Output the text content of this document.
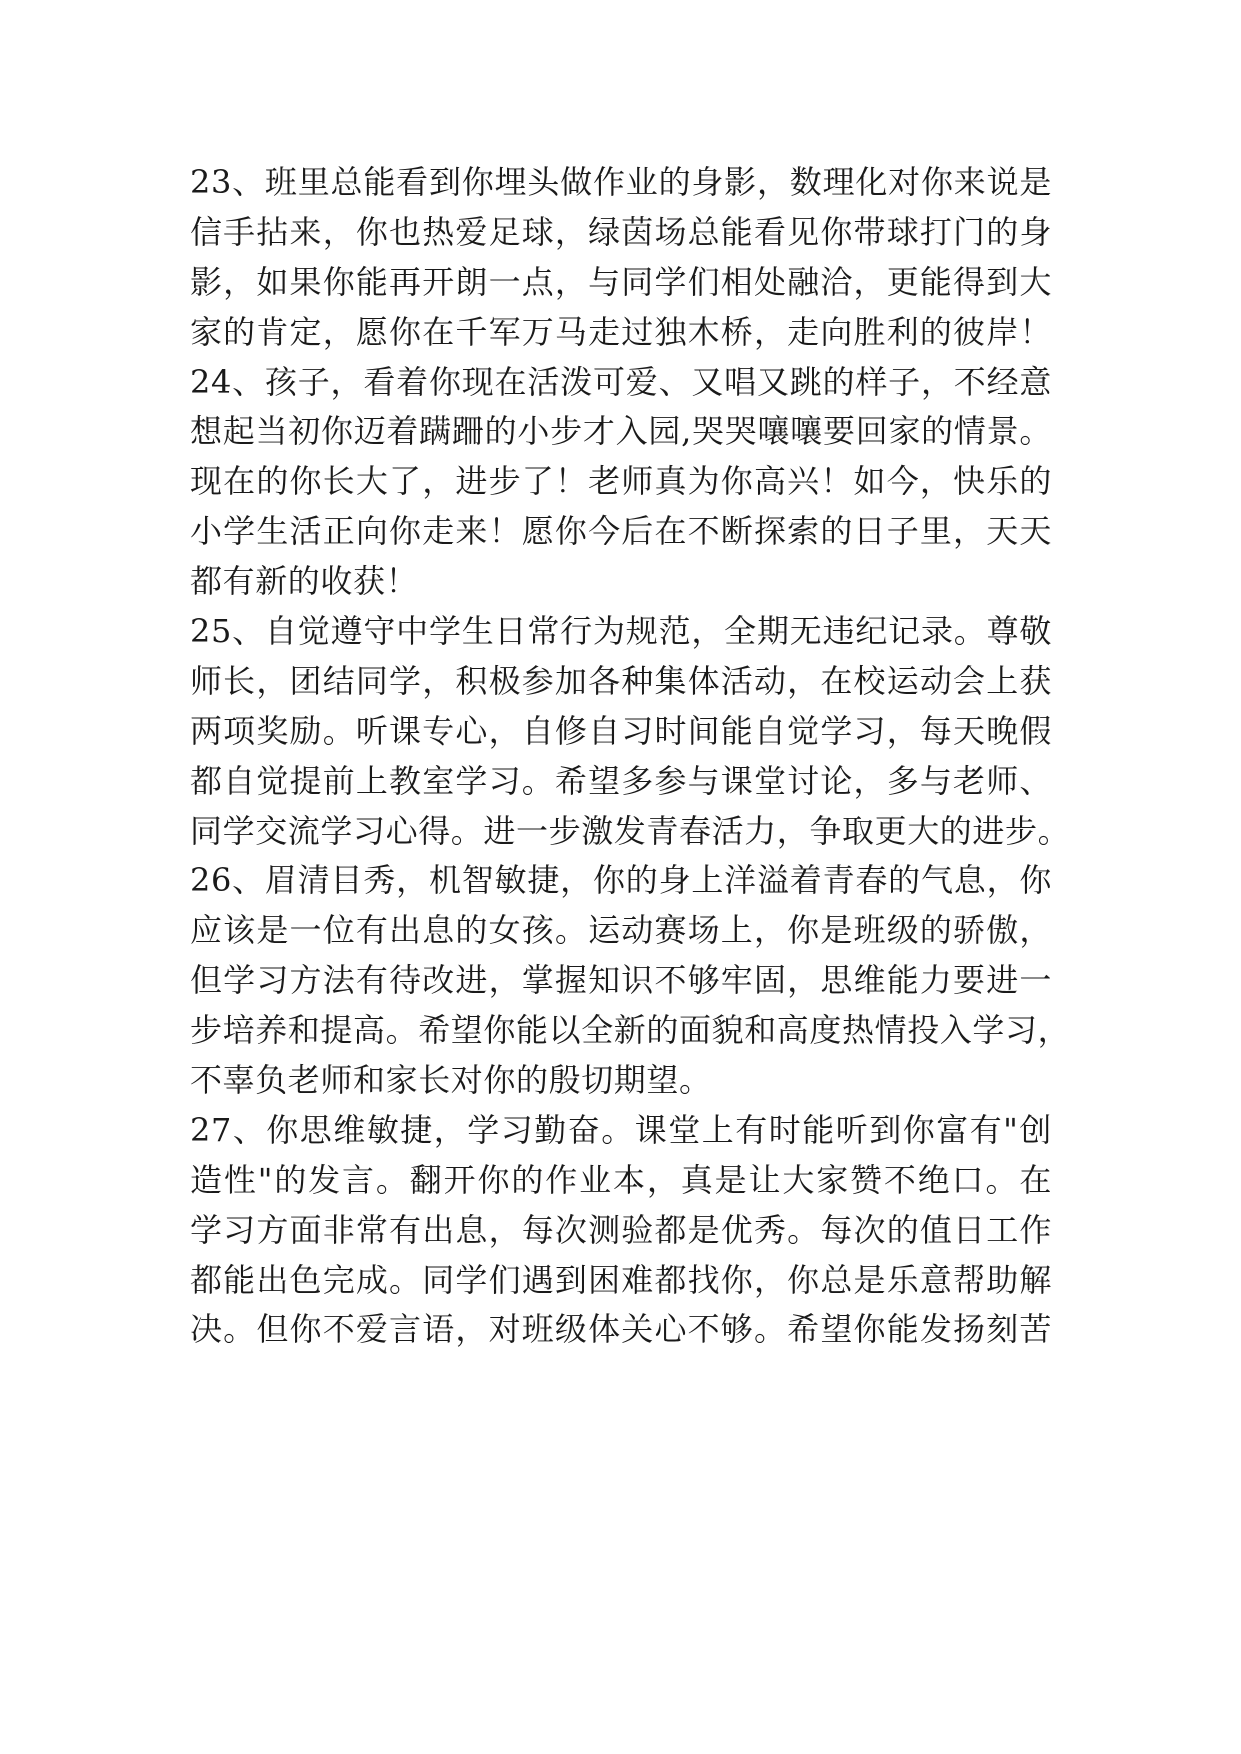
23、班里总能看到你埋头做作业的身影，数理化对你来说是
信手拈来，你也热爱足球，绿茵场总能看见你带球打门的身
影，如果你能再开朗一点，与同学们相处融洽，更能得到大
家的肯定，愿你在千军万马走过独木桥，走向胜利的彼岸！
24、孩子，看着你现在活泼可爱、又唱又跳的样子，不经意
想起当初你迈着蹒跚的小步才入园,哭哭嚷嚷要回家的情景。
现在的你长大了，进步了！老师真为你高兴！如今，快乐的
小学生活正向你走来！愿你今后在不断探索的日子里，天天
都有新的收获！
25、自觉遵守中学生日常行为规范，全期无违纪记录。尊敬
师长，团结同学，积极参加各种集体活动，在校运动会上获
两项奖励。听课专心，自修自习时间能自觉学习，每天晚假
都自觉提前上教室学习。希望多参与课堂讨论，多与老师、
同学交流学习心得。进一步激发青春活力，争取更大的进步。
26、眉清目秀，机智敏捷，你的身上洋溢着青春的气息，你
应该是一位有出息的女孩。运动赛场上，你是班级的骄傲，
但学习方法有待改进，掌握知识不够牢固，思维能力要进一
步培养和提高。希望你能以全新的面貌和高度热情投入学习，
不辜负老师和家长对你的殷切期望。
27、你思维敏捷，学习勤奋。课堂上有时能听到你富有"创
造性"的发言。翻开你的作业本，真是让大家赞不绝口。在
学习方面非常有出息，每次测验都是优秀。每次的值日工作
都能出色完成。同学们遇到困难都找你，你总是乐意帮助解
决。但你不爱言语，对班级体关心不够。希望你能发扬刻苦
